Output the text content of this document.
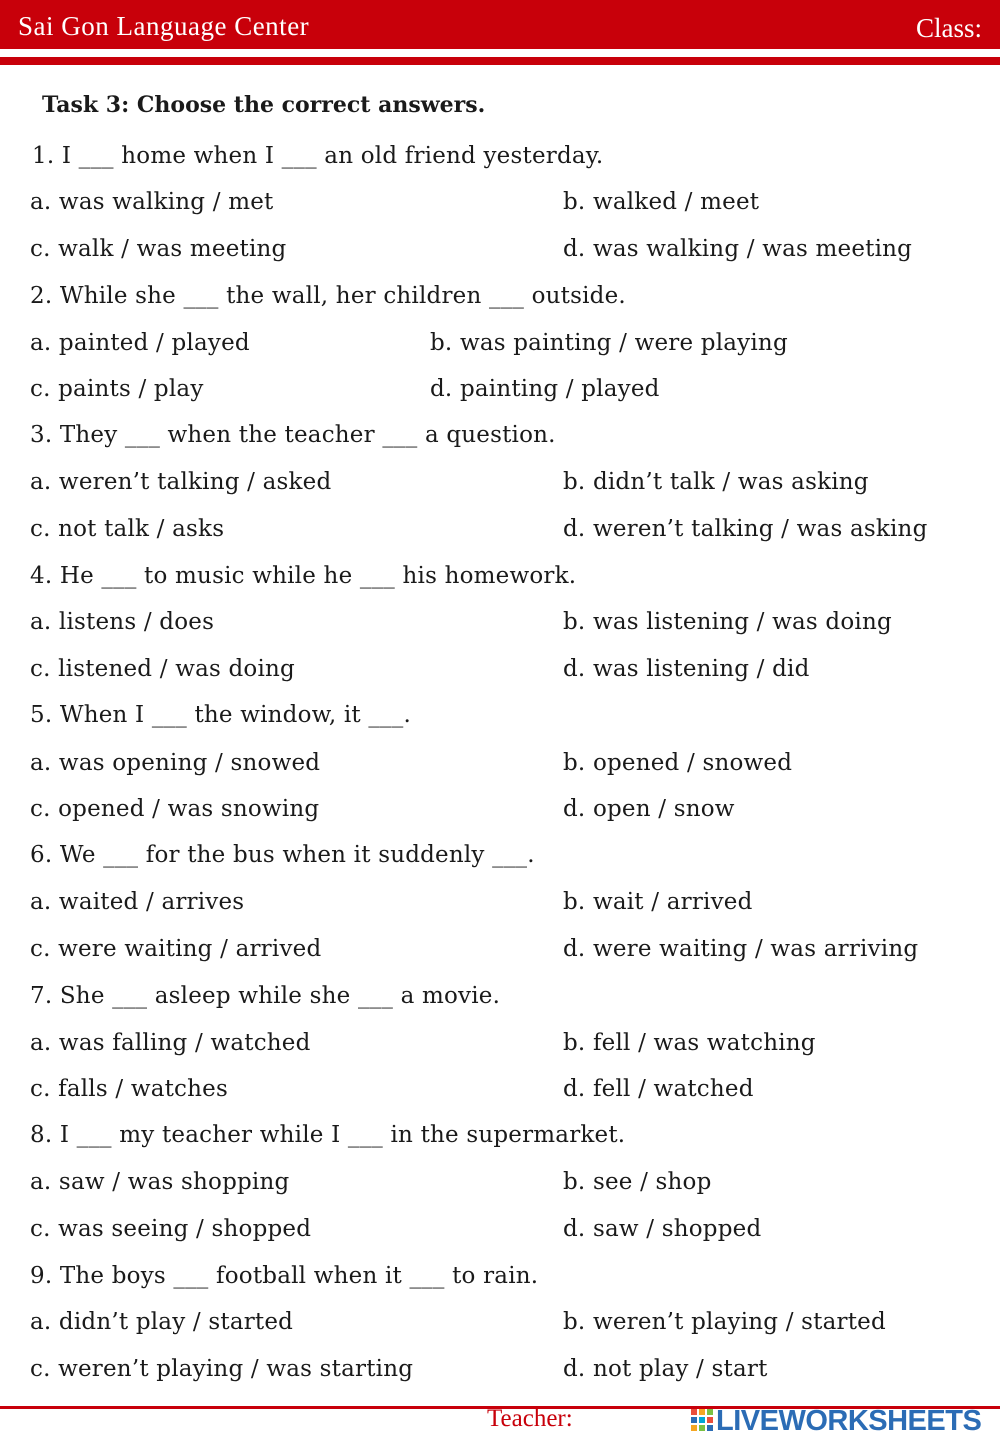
Sai Gon Language Center	Class:
Task 3: Choose the correct answers.
1. I ___ home when I ___ an old friend yesterday.
a. was walking / met	b. walked / meet
c. walk / was meeting	d. was walking / was meeting
2. While she ___ the wall, her children ___ outside.
a. painted / played	b. was painting / were playing
c. paints / play	d. painting / played
3. They ___ when the teacher ___ a question.
a. weren’t talking / asked	b. didn’t talk / was asking
c. not talk / asks	d. weren’t talking / was asking
4. He ___ to music while he ___ his homework.
a. listens / does	b. was listening / was doing
c. listened / was doing	d. was listening / did
5. When I ___ the window, it ___.
a. was opening / snowed	b. opened / snowed
c. opened / was snowing	d. open / snow
6. We ___ for the bus when it suddenly ___.
a. waited / arrives	b. wait / arrived
c. were waiting / arrived	d. were waiting / was arriving
7. She ___ asleep while she ___ a movie.
a. was falling / watched	b. fell / was watching
c. falls / watches	d. fell / watched
8. I ___ my teacher while I ___ in the supermarket.
a. saw / was shopping	b. see / shop
c. was seeing / shopped	d. saw / shopped
9. The boys ___ football when it ___ to rain.
a. didn’t play / started	b. weren’t playing / started
c. weren’t playing / was starting	d. not play / start
Teacher:	LIVEWORKSHEETS
